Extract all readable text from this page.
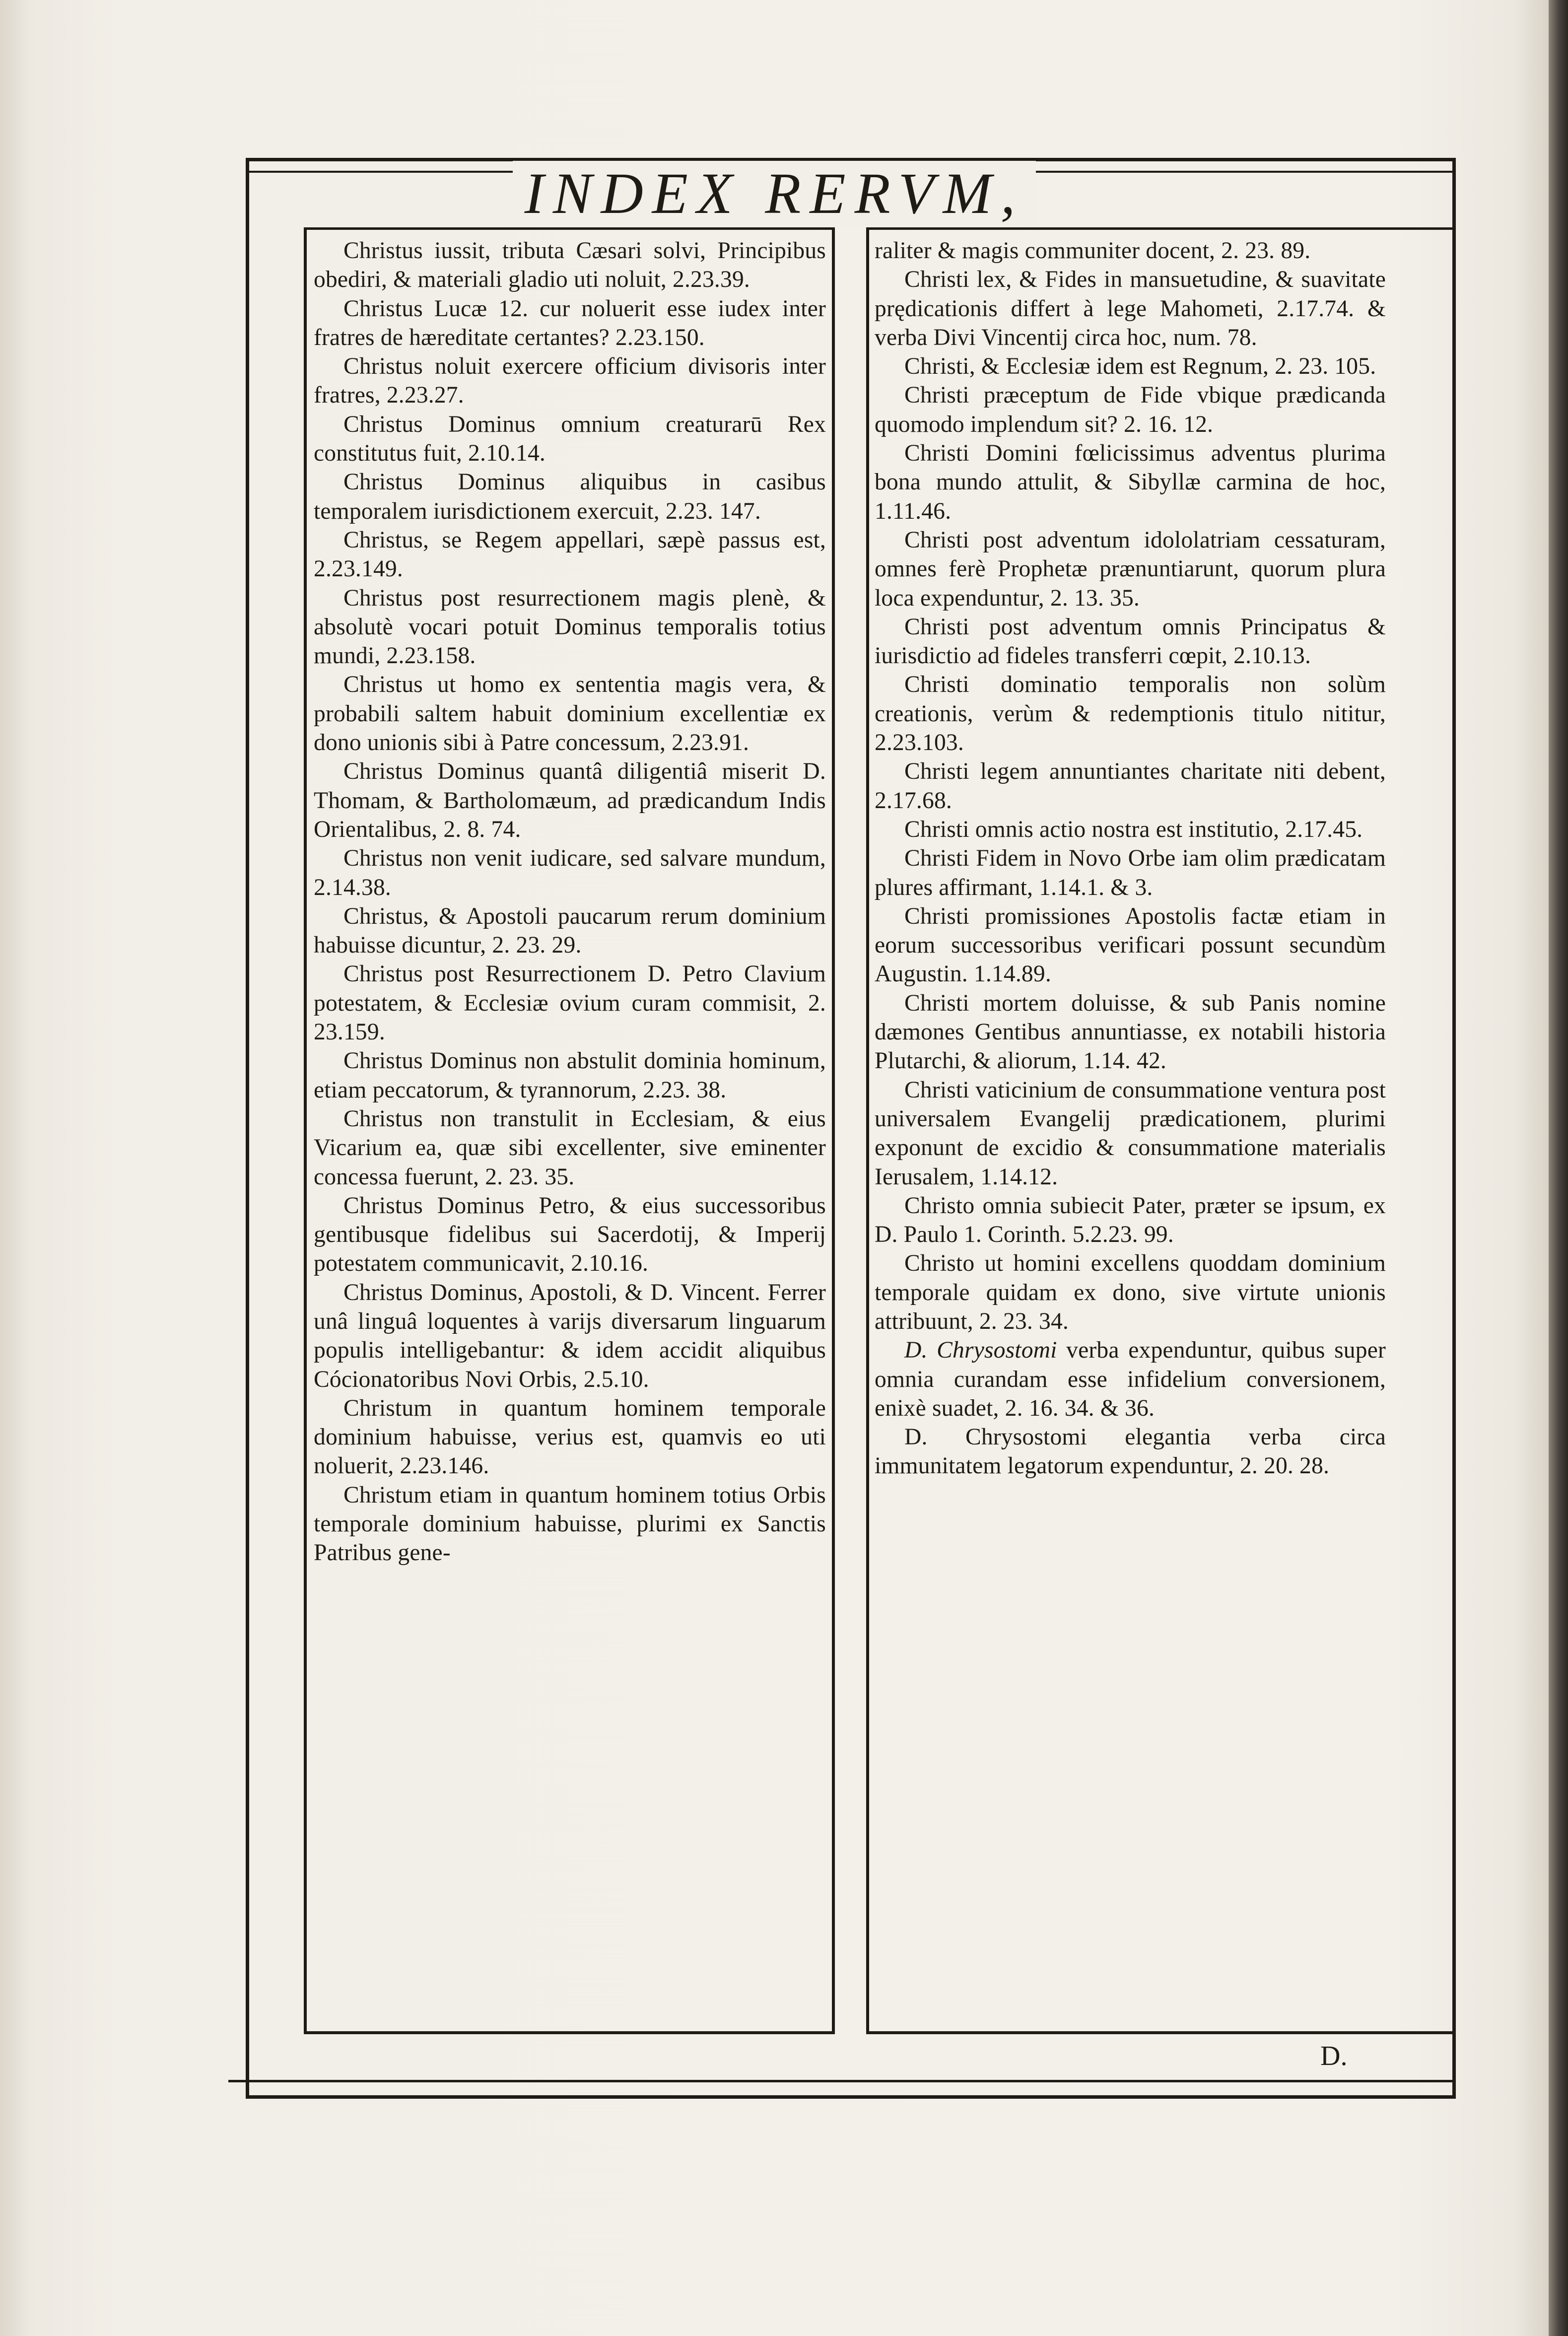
INDEX RERVM,

Christus iussit, tributa Cæsari solvi, Principibus obediri, & materiali gladio uti noluit, 2.23.39.

Christus Lucæ 12. cur noluerit esse iudex inter fratres de hæreditate certantes? 2.23.150.

Christus noluit exercere officium divisoris inter fratres, 2.23.27.

Christus Dominus omnium creaturarū Rex constitutus fuit, 2.10.14.

Christus Dominus aliquibus in casibus temporalem iurisdictionem exercuit, 2.23. 147.

Christus, se Regem appellari, sæpè passus est, 2.23.149.

Christus post resurrectionem magis plenè, & absolutè vocari potuit Dominus temporalis totius mundi, 2.23.158.

Christus ut homo ex sententia magis vera, & probabili saltem habuit dominium excellentiæ ex dono unionis sibi à Patre concessum, 2.23.91.

Christus Dominus quantâ diligentiâ miserit D. Thomam, & Bartholomæum, ad prædicandum Indis Orientalibus, 2. 8. 74.

Christus non venit iudicare, sed salvare mundum, 2.14.38.

Christus, & Apostoli paucarum rerum dominium habuisse dicuntur, 2. 23. 29.

Christus post Resurrectionem D. Petro Clavium potestatem, & Ecclesiæ ovium curam commisit, 2. 23.159.

Christus Dominus non abstulit dominia hominum, etiam peccatorum, & tyrannorum, 2.23. 38.

Christus non transtulit in Ecclesiam, & eius Vicarium ea, quæ sibi excellenter, sive eminenter concessa fuerunt, 2. 23. 35.

Christus Dominus Petro, & eius successoribus gentibusque fidelibus sui Sacerdotij, & Imperij potestatem communicavit, 2.10.16.

Christus Dominus, Apostoli, & D. Vincent. Ferrer unâ linguâ loquentes à varijs diversarum linguarum populis intelligebantur: & idem accidit aliquibus Cócionatoribus Novi Orbis, 2.5.10.

Christum in quantum hominem temporale dominium habuisse, verius est, quamvis eo uti noluerit, 2.23.146.

Christum etiam in quantum hominem totius Orbis temporale dominium habuisse, plurimi ex Sanctis Patribus gene-

raliter & magis communiter docent, 2. 23. 89.

Christi lex, & Fides in mansuetudine, & suavitate prędicationis differt à lege Mahometi, 2.17.74. & verba Divi Vincentij circa hoc, num. 78.

Christi, & Ecclesiæ idem est Regnum, 2. 23. 105.

Christi præceptum de Fide vbique prædicanda quomodo implendum sit? 2. 16. 12.

Christi Domini fœlicissimus adventus plurima bona mundo attulit, & Sibyllæ carmina de hoc, 1.11.46.

Christi post adventum idololatriam cessaturam, omnes ferè Prophetæ prænuntiarunt, quorum plura loca expenduntur, 2. 13. 35.

Christi post adventum omnis Principatus & iurisdictio ad fideles transferri cœpit, 2.10.13.

Christi dominatio temporalis non solùm creationis, verùm & redemptionis titulo nititur, 2.23.103.

Christi legem annuntiantes charitate niti debent, 2.17.68.

Christi omnis actio nostra est institutio, 2.17.45.

Christi Fidem in Novo Orbe iam olim prædicatam plures affirmant, 1.14.1. & 3.

Christi promissiones Apostolis factæ etiam in eorum successoribus verificari possunt secundùm Augustin. 1.14.89.

Christi mortem doluisse, & sub Panis nomine dæmones Gentibus annuntiasse, ex notabili historia Plutarchi, & aliorum, 1.14. 42.

Christi vaticinium de consummatione ventura post universalem Evangelij prædicationem, plurimi exponunt de excidio & consummatione materialis Ierusalem, 1.14.12.

Christo omnia subiecit Pater, præter se ipsum, ex D. Paulo 1. Corinth. 5.2.23. 99.

Christo ut homini excellens quoddam dominium temporale quidam ex dono, sive virtute unionis attribuunt, 2. 23. 34.

D. Chrysostomi verba expenduntur, quibus super omnia curandam esse infidelium conversionem, enixè suadet, 2. 16. 34. & 36.

D. Chrysostomi elegantia verba circa immunitatem legatorum expenduntur, 2. 20. 28.

D.
